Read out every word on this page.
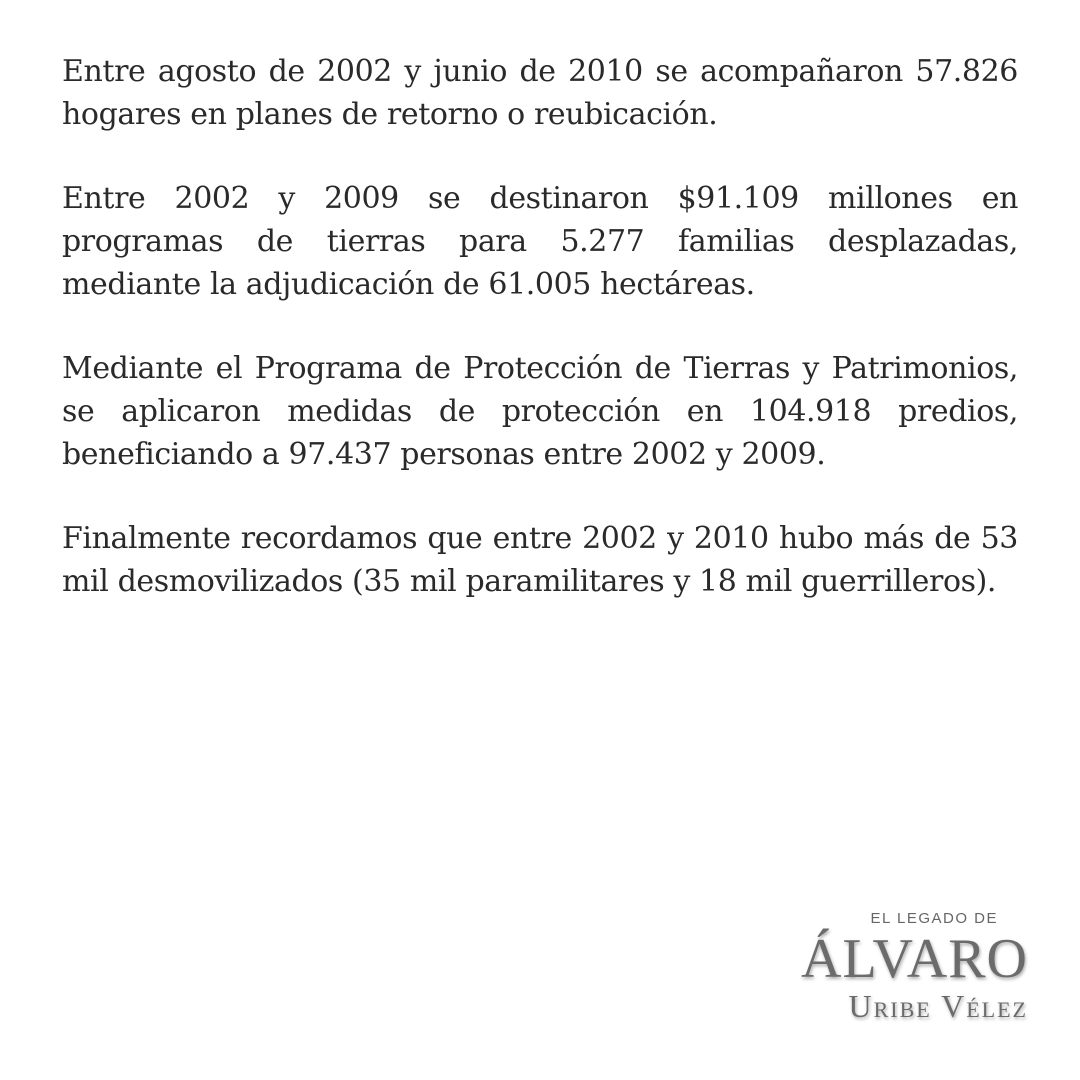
Entre agosto de 2002 y junio de 2010 se acompañaron 57.826 hogares en planes de retorno o reubicación.

Entre 2002 y 2009 se destinaron $91.109 millones en programas de tierras para 5.277 familias desplazadas, mediante la adjudicación de 61.005 hectáreas.

Mediante el Programa de Protección de Tierras y Patrimonios, se aplicaron medidas de protección en 104.918 predios, beneficiando a 97.437 personas entre 2002 y 2009.

Finalmente recordamos que entre 2002 y 2010 hubo más de 53 mil desmovilizados (35 mil paramilitares y 18 mil guerrilleros).

EL LEGADO DE
ÁLVARO
Uribe Vélez
